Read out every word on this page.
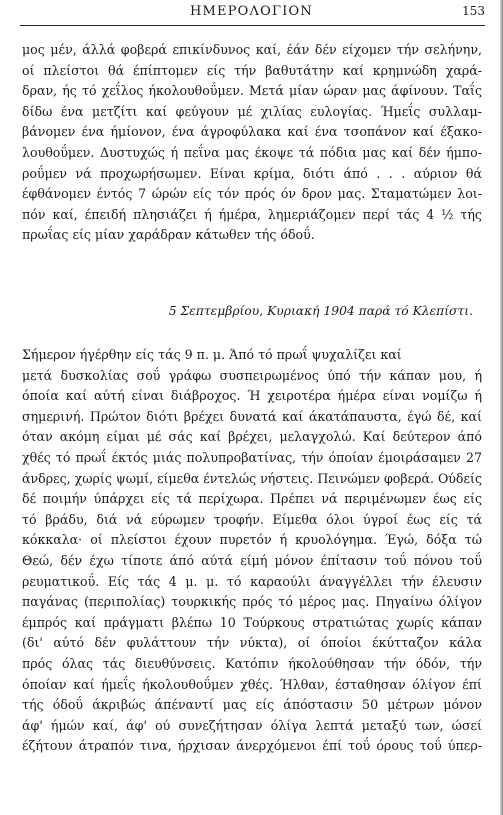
ΗΜΕΡΟΛΟΓΙΟΝ	153
μος μέν, άλλά φοβερά επικίνδυνος καί, έάν δέν είχομεν τήν σελήνην,
οί πλείστοι θά έπίπτομεν είς τήν βαθυτάτην καί κρημνώδη χαρά-
δραν, ής τό χεΐλος ήκολουθοΰμεν. Μετά μίαν ώραν μας άφίνουν. Ταΐς
δίδω ένα μετζίτι καί φεύγουν μέ χιλίας ευλογίας. Ήμεΐς συλλαμ-
βάνομεν ένα ήμίονον, ένα άγροφύλακα καί ένα τσοπάνον καί έξακο-
λουθοΰμεν. Δυστυχώς ή πεΐνα μας έκοψε τά πόδια μας καί δέν ήμπο-
ροΰμεν νά προχωρήσωμεν. Είναι κρίμα, διότι άπό . . . αύριον θά
έφθάνομεν έντός 7 ώρών είς τόν πρός όν δρον μας. Σταματώμεν λοι-
πόν καί, έπειδή πλησιάζει ή ήμέρα, λημεριάζομεν περί τάς 4 ½ τής
πρωΐας είς μίαν χαράδραν κάτωθεν τής όδοΰ.
5 Σεπτεμβρίου, Κυριακή 1904 παρά τό Κλεπίστι.
Σήμερον ήγέρθην είς τάς 9 π. μ. Άπό τό πρωΐ ψυχαλίζει καί
μετά δυσκολίας σοΰ γράφω συσπειρωμένος ύπό τήν κάπαν μου, ή
όποία καί αύτή είναι διάβροχος. Ή χειροτέρα ήμέρα είναι νομίζω ή
σημερινή. Πρώτον διότι βρέχει δυνατά καί άκατάπαυστα, έγώ δέ, καί
όταν ακόμη είμαι μέ σάς καί βρέχει, μελαγχολώ. Καί δεύτερον άπό
χθές τό πρωΐ έκτός μιάς πολυπροβατίνας, τήν όποίαν έμοιράσαμεν 27
άνδρες, χωρίς ψωμί, είμεθα έντελώς νήστεις. Πεινώμεν φοβερά. Ούδείς
δέ ποιμήν ύπάρχει είς τά περίχωρα. Πρέπει νά περιμένωμεν έως είς
τό βράδυ, διά νά εύρωμεν τροφήν. Είμεθα όλοι ύγροί έως είς τά
κόκκαλα· οί πλείστοι έχουν πυρετόν ή κρυολόγημα. Έγώ, δόξα τώ
Θεώ, δέν έχω τίποτε άπό αύτά είμή μόνον έπίτασιν τοΰ πόνου τοΰ
ρευματικοΰ. Είς τάς 4 μ. μ. τό καραούλι άναγγέλλει τήν έλευσιν
παγάνας (περιπολίας) τουρκικής πρός τό μέρος μας. Πηγαίνω όλίγον
έμπρός καί πράγματι βλέπω 10 Τούρκους στρατιώτας χωρίς κάπαν
(δι' αύτό δέν φυλάττουν τήν νύκτα), οί όποίοι έκύτταζον κάλα
πρός όλας τάς διευθύνσεις. Κατόπιν ήκολούθησαν τήν όδόν, τήν
όποίαν καί ήμεΐς ήκολουθοΰμεν χθές. Ήλθαν, έσταθησαν όλίγον έπί
τής όδοΰ άκριβώς άπέναντί μας είς άπόστασιν 50 μέτρων μόνον
άφ' ήμών καί, άφ' ού συνεζήτησαν όλίγα λεπτά μεταξύ των, ώσεί
έζήτουν άτραπόν τινα, ήρχισαν άνερχόμενοι έπί τοΰ όρους τοΰ ύπερ-
